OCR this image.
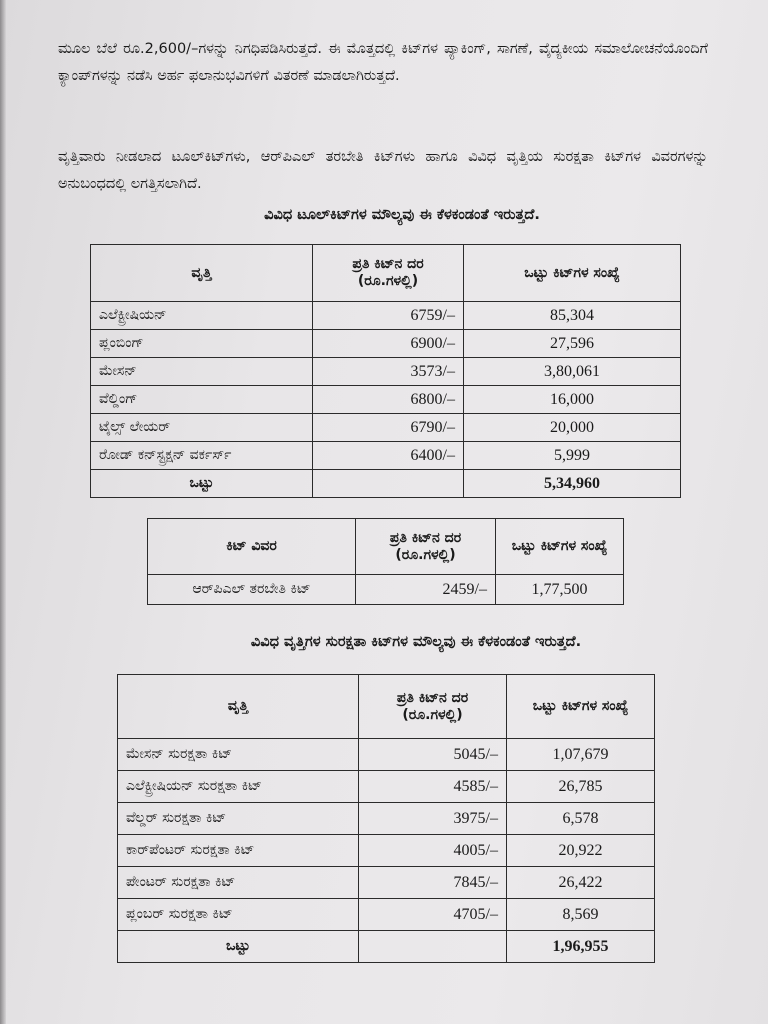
ಮೂಲ ಬೆಲೆ ರೂ.2,600/–ಗಳನ್ನು ನಿಗಧಿಪಡಿಸಿರುತ್ತದೆ. ಈ ಮೊತ್ತದಲ್ಲಿ ಕಿಟ್‌ಗಳ ಪ್ಯಾಕಿಂಗ್, ಸಾಗಣೆ, ವೈದ್ಯಕೀಯ ಸಮಾಲೋಚನೆಯೊಂದಿಗೆ ಕ್ಯಾಂಪ್‌ಗಳನ್ನು ನಡೆಸಿ ಅರ್ಹ ಫಲಾನುಭವಿಗಳಿಗೆ ವಿತರಣೆ ಮಾಡಲಾಗಿರುತ್ತದೆ.
ವೃತ್ತಿವಾರು ನೀಡಲಾದ ಟೂಲ್‌ಕಿಟ್‌ಗಳು, ಆರ್‌ಪಿಎಲ್ ತರಬೇತಿ ಕಿಟ್‌ಗಳು ಹಾಗೂ ವಿವಿಧ ವೃತ್ತಿಯ ಸುರಕ್ಷತಾ ಕಿಟ್‌ಗಳ ವಿವರಗಳನ್ನು ಅನುಬಂಧದಲ್ಲಿ ಲಗತ್ತಿಸಲಾಗಿದೆ.
ವಿವಿಧ ಟೂಲ್‌ಕಿಟ್‌ಗಳ ಮೌಲ್ಯವು ಈ ಕೆಳಕಂಡಂತೆ ಇರುತ್ತದೆ.
ವೃತ್ತಿ	ಪ್ರತಿ ಕಿಟ್‌ನ ದರ (ರೂ.ಗಳಲ್ಲಿ)	ಒಟ್ಟು ಕಿಟ್‌ಗಳ ಸಂಖ್ಯೆ
ಎಲೆಕ್ಟ್ರೀಷಿಯನ್	6759/–	85,304
ಪ್ಲಂಬಿಂಗ್	6900/–	27,596
ಮೇಸನ್	3573/–	3,80,061
ವೆಲ್ಡಿಂಗ್	6800/–	16,000
ಟೈಲ್ಸ್ ಲೇಯರ್	6790/–	20,000
ರೋಡ್ ಕನ್‌ಸ್ಟ್ರಕ್ಷನ್ ವರ್ಕರ್ಸ್	6400/–	5,999
ಒಟ್ಟು		5,34,960
ಕಿಟ್ ವಿವರ	ಪ್ರತಿ ಕಿಟ್‌ನ ದರ (ರೂ.ಗಳಲ್ಲಿ)	ಒಟ್ಟು ಕಿಟ್‌ಗಳ ಸಂಖ್ಯೆ
ಆರ್‌ಪಿಎಲ್ ತರಬೇತಿ ಕಿಟ್	2459/–	1,77,500
ವಿವಿಧ ವೃತ್ತಿಗಳ ಸುರಕ್ಷತಾ ಕಿಟ್‌ಗಳ ಮೌಲ್ಯವು ಈ ಕೆಳಕಂಡಂತೆ ಇರುತ್ತದೆ.
ವೃತ್ತಿ	ಪ್ರತಿ ಕಿಟ್‌ನ ದರ (ರೂ.ಗಳಲ್ಲಿ)	ಒಟ್ಟು ಕಿಟ್‌ಗಳ ಸಂಖ್ಯೆ
ಮೇಸನ್ ಸುರಕ್ಷತಾ ಕಿಟ್	5045/–	1,07,679
ಎಲೆಕ್ಟ್ರೀಷಿಯನ್ ಸುರಕ್ಷತಾ ಕಿಟ್	4585/–	26,785
ವೆಲ್ಡರ್ ಸುರಕ್ಷತಾ ಕಿಟ್	3975/–	6,578
ಕಾರ್‌ಪೆಂಟರ್ ಸುರಕ್ಷತಾ ಕಿಟ್	4005/–	20,922
ಪೇಂಟರ್ ಸುರಕ್ಷತಾ ಕಿಟ್	7845/–	26,422
ಪ್ಲಂಬರ್ ಸುರಕ್ಷತಾ ಕಿಟ್	4705/–	8,569
ಒಟ್ಟು		1,96,955
